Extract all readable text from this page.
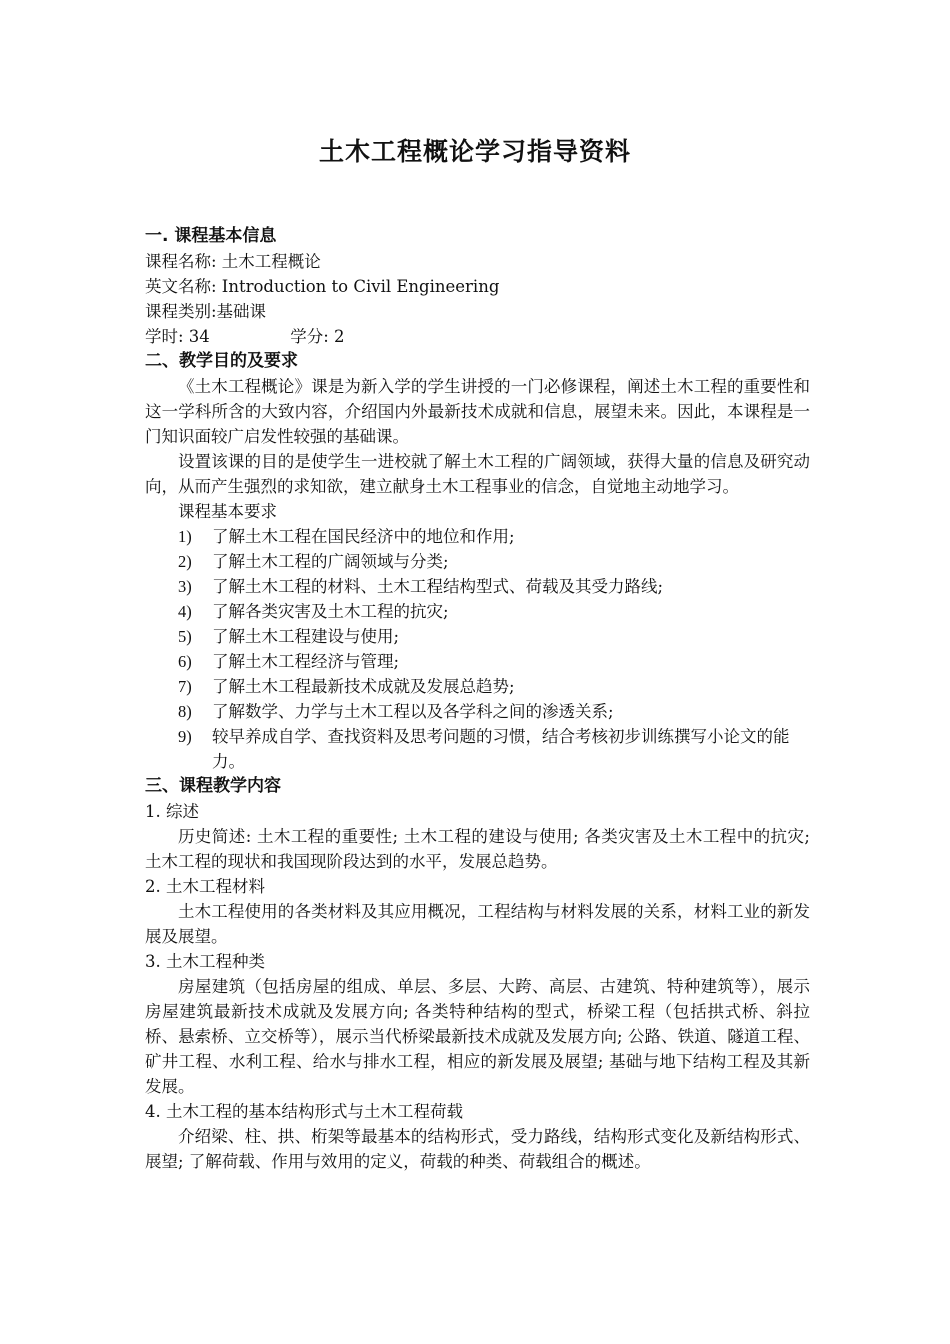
土木工程概论学习指导资料

一. 课程基本信息

课程名称: 土木工程概论

英文名称: Introduction to Civil Engineering

课程类别:基础课

学时: 34	学分: 2

二、教学目的及要求

《土木工程概论》课是为新入学的学生讲授的一门必修课程，阐述土木工程的重要性和这一学科所含的大致内容，介绍国内外最新技术成就和信息，展望未来。因此，本课程是一门知识面较广启发性较强的基础课。

设置该课的目的是使学生一进校就了解土木工程的广阔领域，获得大量的信息及研究动向，从而产生强烈的求知欲，建立献身土木工程事业的信念，自觉地主动地学习。

课程基本要求

1)	了解土木工程在国民经济中的地位和作用;
2)	了解土木工程的广阔领域与分类;
3)	了解土木工程的材料、土木工程结构型式、荷载及其受力路线;
4)	了解各类灾害及土木工程的抗灾;
5)	了解土木工程建设与使用;
6)	了解土木工程经济与管理;
7)	了解土木工程最新技术成就及发展总趋势;
8)	了解数学、力学与土木工程以及各学科之间的渗透关系;
9)	较早养成自学、查找资料及思考问题的习惯，结合考核初步训练撰写小论文的能力。

三、课程教学内容

1. 综述

历史简述: 土木工程的重要性; 土木工程的建设与使用; 各类灾害及土木工程中的抗灾; 土木工程的现状和我国现阶段达到的水平，发展总趋势。

2. 土木工程材料

土木工程使用的各类材料及其应用概况，工程结构与材料发展的关系，材料工业的新发展及展望。

3. 土木工程种类

房屋建筑（包括房屋的组成、单层、多层、大跨、高层、古建筑、特种建筑等），展示房屋建筑最新技术成就及发展方向; 各类特种结构的型式，桥梁工程（包括拱式桥、斜拉桥、悬索桥、立交桥等），展示当代桥梁最新技术成就及发展方向; 公路、铁道、隧道工程、矿井工程、水利工程、给水与排水工程，相应的新发展及展望; 基础与地下结构工程及其新发展。

4. 土木工程的基本结构形式与土木工程荷载

介绍梁、柱、拱、桁架等最基本的结构形式，受力路线，结构形式变化及新结构形式、展望; 了解荷载、作用与效用的定义，荷载的种类、荷载组合的概述。
